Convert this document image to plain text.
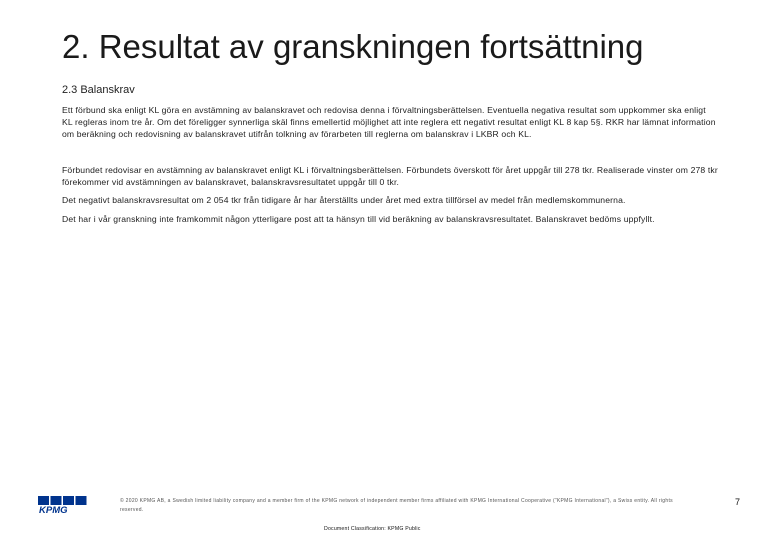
2. Resultat av granskningen fortsättning
2.3 Balanskrav

Ett förbund ska enligt KL göra en avstämning av balanskravet och redovisa denna i förvaltningsberättelsen. Eventuella negativa resultat som uppkommer ska enligt KL regleras inom tre år. Om det föreligger synnerliga skäl finns emellertid möjlighet att inte reglera ett negativt resultat enligt KL 8 kap 5§. RKR har lämnat information om beräkning och redovisning av balanskravet utifrån tolkning av förarbeten till reglerna om balanskrav i LKBR och KL.

Förbundet redovisar en avstämning av balanskravet enligt KL i förvaltningsberättelsen. Förbundets överskott för året uppgår till 278 tkr. Realiserade vinster om 278 tkr förekommer vid avstämningen av balanskravet, balanskravsresultatet uppgår till 0 tkr.

Det negativt balanskravsresultat om 2 054 tkr från tidigare år har återställts under året med extra tillförsel av medel från medlemskommunerna.

Det har i vår granskning inte framkommit någon ytterligare post att ta hänsyn till vid beräkning av balanskravsresultatet. Balanskravet bedöms uppfyllt.

KPMG
© 2020 KPMG AB, a Swedish limited liability company and a member firm of the KPMG network of independent member firms affiliated with KPMG International Cooperative (“KPMG International”), a Swiss entity. All rights reserved.
7
Document Classification: KPMG Public
